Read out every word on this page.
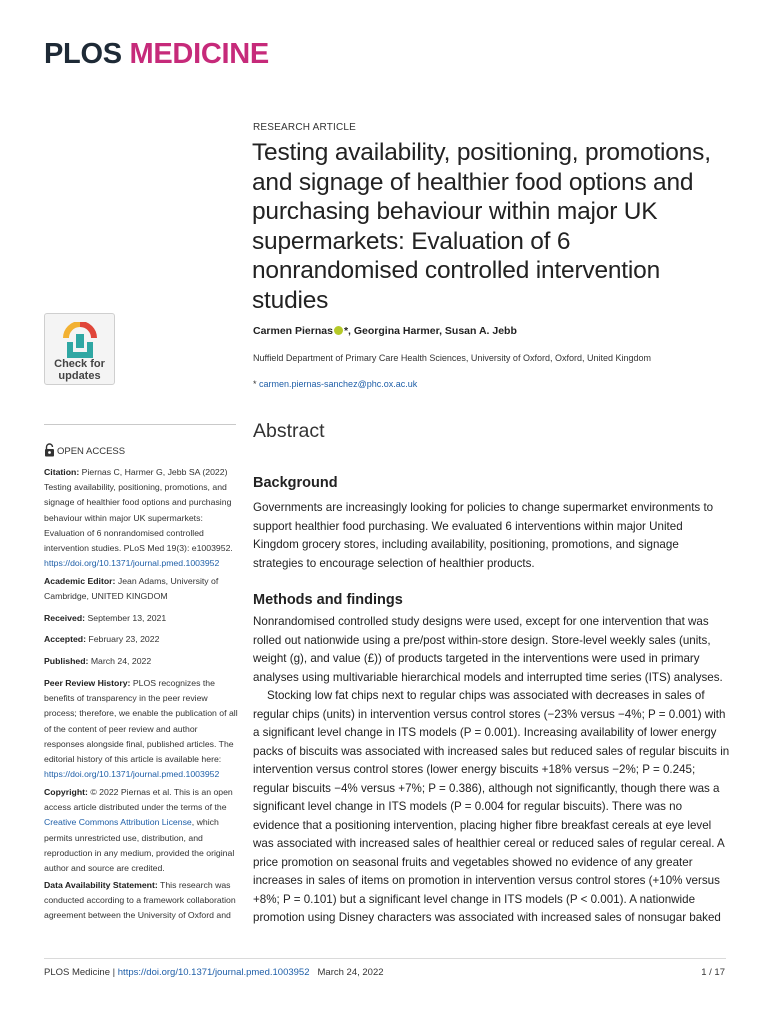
PLOS MEDICINE
RESEARCH ARTICLE
Testing availability, positioning, promotions, and signage of healthier food options and purchasing behaviour within major UK supermarkets: Evaluation of 6 nonrandomised controlled intervention studies
Carmen Piernas *, Georgina Harmer, Susan A. Jebb
Nuffield Department of Primary Care Health Sciences, University of Oxford, Oxford, United Kingdom
* carmen.piernas-sanchez@phc.ox.ac.uk
Check for
updates
OPEN ACCESS
Citation: Piernas C, Harmer G, Jebb SA (2022) Testing availability, positioning, promotions, and signage of healthier food options and purchasing behaviour within major UK supermarkets: Evaluation of 6 nonrandomised controlled intervention studies. PLoS Med 19(3): e1003952. https://doi.org/10.1371/journal.pmed.1003952
Academic Editor: Jean Adams, University of Cambridge, UNITED KINGDOM
Received: September 13, 2021
Accepted: February 23, 2022
Published: March 24, 2022
Peer Review History: PLOS recognizes the benefits of transparency in the peer review process; therefore, we enable the publication of all of the content of peer review and author responses alongside final, published articles. The editorial history of this article is available here: https://doi.org/10.1371/journal.pmed.1003952
Copyright: © 2022 Piernas et al. This is an open access article distributed under the terms of the Creative Commons Attribution License, which permits unrestricted use, distribution, and reproduction in any medium, provided the original author and source are credited.
Data Availability Statement: This research was conducted according to a framework collaboration agreement between the University of Oxford and
Abstract
Background

Governments are increasingly looking for policies to change supermarket environments to support healthier food purchasing. We evaluated 6 interventions within major United Kingdom grocery stores, including availability, positioning, promotions, and signage strategies to encourage selection of healthier products.

Methods and findings

Nonrandomised controlled study designs were used, except for one intervention that was rolled out nationwide using a pre/post within-store design. Store-level weekly sales (units, weight (g), and value (£)) of products targeted in the interventions were used in primary analyses using multivariable hierarchical models and interrupted time series (ITS) analyses.

Stocking low fat chips next to regular chips was associated with decreases in sales of regular chips (units) in intervention versus control stores (−23% versus −4%; P = 0.001) with a significant level change in ITS models (P = 0.001). Increasing availability of lower energy packs of biscuits was associated with increased sales but reduced sales of regular biscuits in intervention versus control stores (lower energy biscuits +18% versus −2%; P = 0.245; regular biscuits −4% versus +7%; P = 0.386), although not significantly, though there was a significant level change in ITS models (P = 0.004 for regular biscuits). There was no evidence that a positioning intervention, placing higher fibre breakfast cereals at eye level was associated with increased sales of healthier cereal or reduced sales of regular cereal. A price promotion on seasonal fruits and vegetables showed no evidence of any greater increases in sales of items on promotion in intervention versus control stores (+10% versus +8%; P = 0.101) but a significant level change in ITS models (P < 0.001). A nationwide promotion using Disney characters was associated with increased sales of nonsugar baked

PLOS Medicine | https://doi.org/10.1371/journal.pmed.1003952 March 24, 2022	1 / 17
